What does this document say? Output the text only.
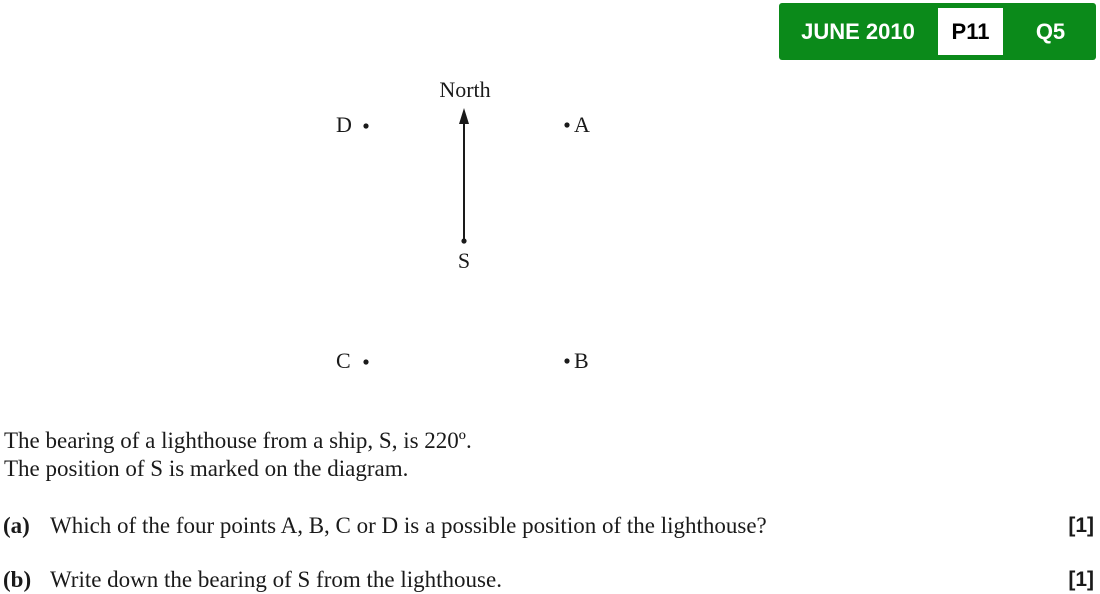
JUNE 2010	P11	Q5
North
S
D	A
C	B
The bearing of a lighthouse from a ship, S, is 220º.
The position of S is marked on the diagram.
(a) Which of the four points A, B, C or D is a possible position of the lighthouse?	[1]
(b) Write down the bearing of S from the lighthouse.	[1]
